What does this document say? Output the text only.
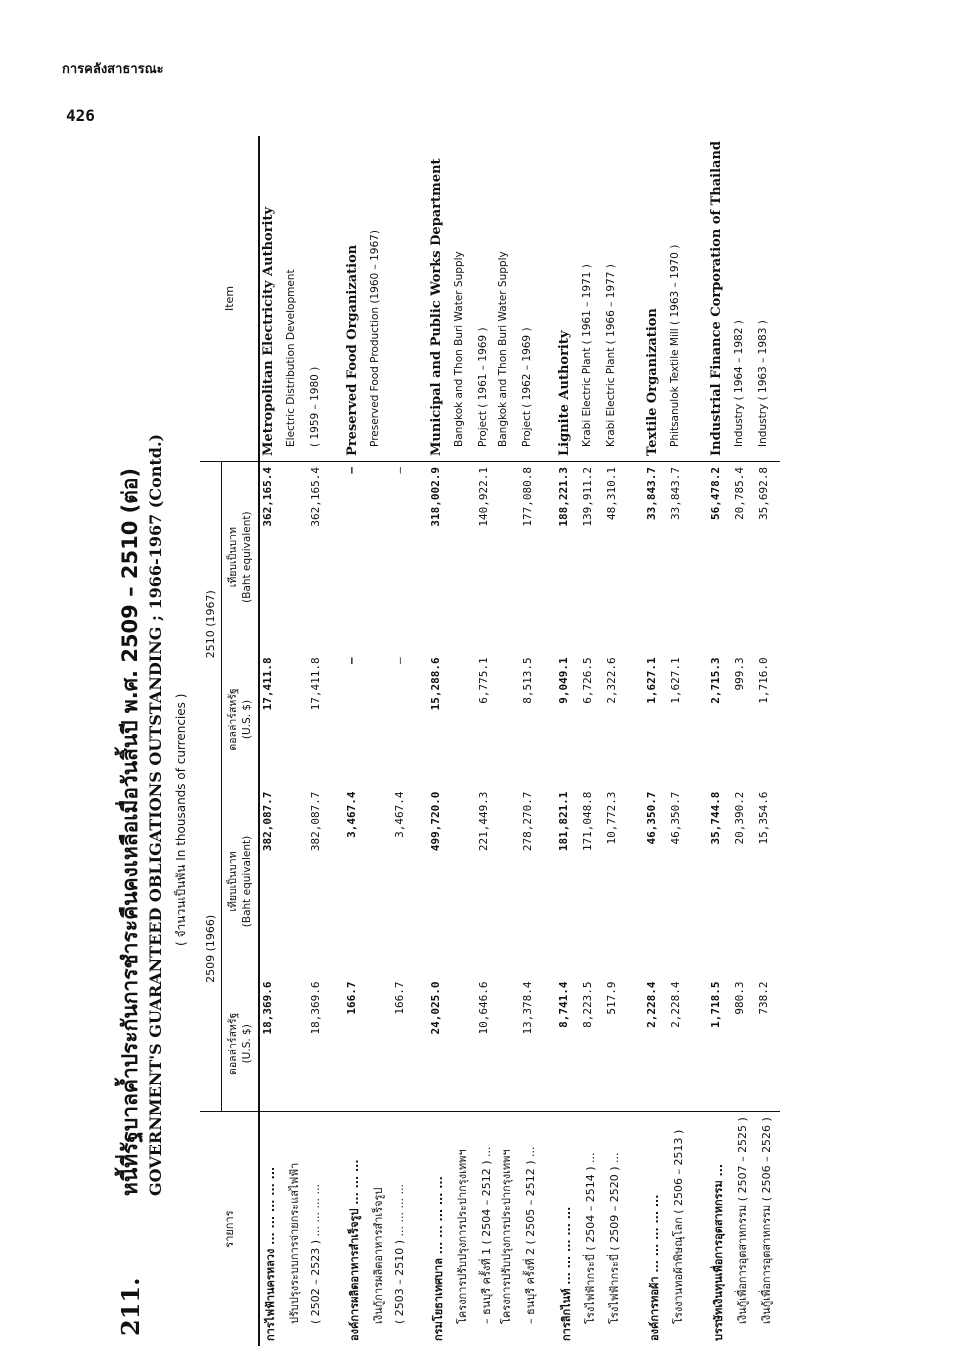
การคลังสาธารณะ
426
211.
หนี้ที่รัฐบาลค้ำประกันการชำระคืนคงเหลือเมื่อวันสิ้นปี พ.ศ. 2509 – 2510 (ต่อ) GOVERNMENT'S GUARANTEED OBLIGATIONS OUTSTANDING ; 1966-1967 (Contd.) ( จำนวนเป็นพัน In thousands of currencies )
รายการ	2509 (1966)		2510 (1967)		Item
	ดอลล่าร์สหรัฐ (U.S. $)	เทียบเป็นบาท (Baht equivalent)	ดอลล่าร์สหรัฐ (U.S. $)	เทียบเป็นบาท (Baht equivalent)	
การไฟฟ้านครหลวง ... ... ... ... ...	18,369.6	382,087.7	17,411.8	362,165.4	Metropolitan Electricity Authority
ปรับปรุงระบบการจ่ายกระแสไฟฟ้า					Electric Distribution Development
( 2502 – 2523 ) ... ... ... ...	18,369.6	382,087.7	17,411.8	362,165.4	( 1959 – 1980 )

องค์การผลิตอาหารสำเร็จรูป ... ... ...	166.7	3,467.4	–	–	Preserved Food Organization
เงินกู้การผลิตอาหารสำเร็จรูป					Preserved Food Production (1960 – 1967)
( 2503 – 2510 ) ... ... ... ...	166.7	3,467.4	–	–	

กรมโยธาเทศบาล ... ... ... ... ...	24,025.0	499,720.0	15,288.6	318,002.9	Municipal and Public Works Department
โครงการปรับปรุงการประปากรุงเทพฯ					Bangkok and Thon Buri Water Supply
– ธนบุรี ครั้งที่ 1 ( 2504 – 2512 ) ...	10,646.6	221,449.3	6,775.1	140,922.1	Project ( 1961 – 1969 )
โครงการปรับปรุงการประปากรุงเทพฯ					Bangkok and Thon Buri Water Supply
– ธนบุรี ครั้งที่ 2 ( 2505 – 2512 ) ...	13,378.4	278,270.7	8,513.5	177,080.8	Project ( 1962 – 1969 )

การลิกไนท์ ... ... ... ... ...	8,741.4	181,821.1	9,049.1	188,221.3	Lignite Authority
โรงไฟฟ้ากระบี่ ( 2504 – 2514 ) ...	8,223.5	171,048.8	6,726.5	139,911.2	Krabi Electric Plant ( 1961 – 1971 )
โรงไฟฟ้ากระบี่ ( 2509 – 2520 ) ...	517.9	10,772.3	2,322.6	48,310.1	Krabi Electric Plant ( 1966 – 1977 )

องค์การทอผ้า ... ... ... ... ...	2,228.4	46,350.7	1,627.1	33,843.7	Textile Organization
โรงงานทอผ้าพิษณุโลก ( 2506 – 2513 )	2,228.4	46,350.7	1,627.1	33,843.7	Phitsanulok Textile Mill ( 1963 – 1970 )

บรรษัทเงินทุนเพื่อการอุตสาหกรรม ...	1,718.5	35,744.8	2,715.3	56,478.2	Industrial Finance Corporation of Thailand
เงินกู้เพื่อการอุตสาหกรรม ( 2507 – 2525 )	980.3	20,390.2	999.3	20,785.4	Industry ( 1964 – 1982 )
เงินกู้เพื่อการอุตสาหกรรม ( 2506 – 2526 )	738.2	15,354.6	1,716.0	35,692.8	Industry ( 1963 – 1983 )
